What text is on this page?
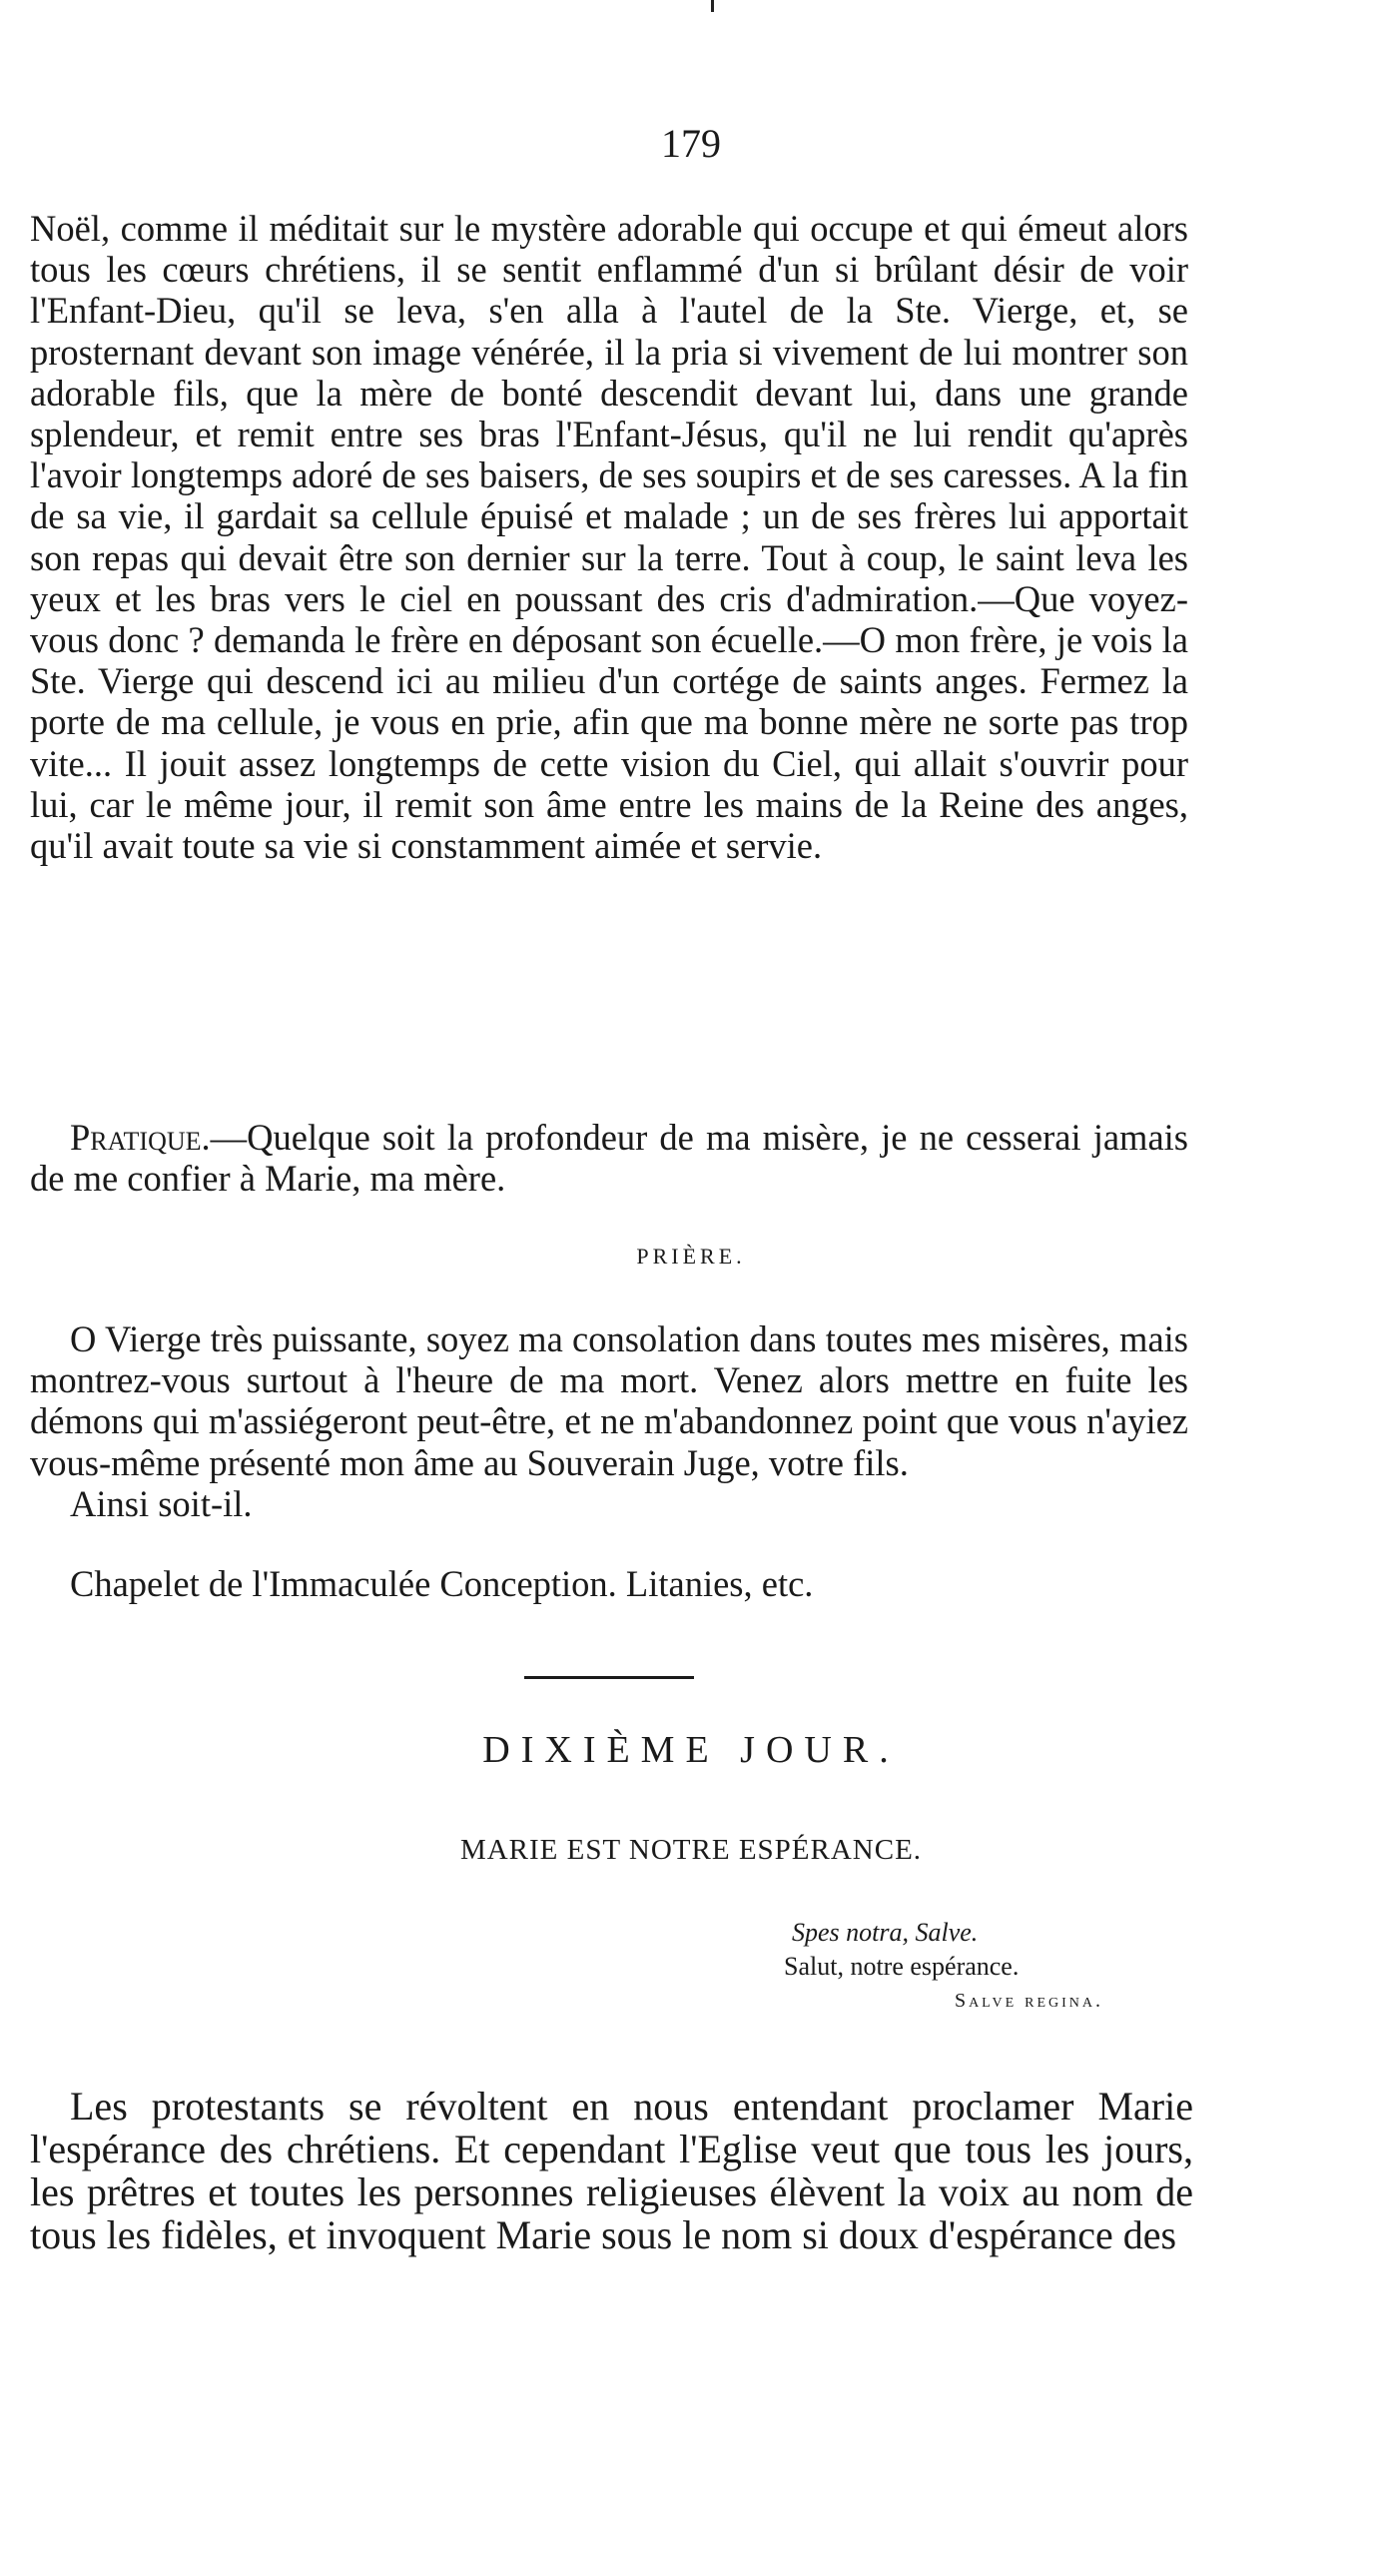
179

Noël, comme il méditait sur le mystère adorable qui occupe et qui émeut alors tous les cœurs chrétiens, il se sentit enflammé d'un si brûlant désir de voir l'Enfant-Dieu, qu'il se leva, s'en alla à l'autel de la Ste. Vierge, et, se prosternant devant son image vénérée, il la pria si vivement de lui montrer son adorable fils, que la mère de bonté descendit devant lui, dans une grande splendeur, et remit entre ses bras l'Enfant-Jésus, qu'il ne lui rendit qu'après l'avoir longtemps adoré de ses baisers, de ses soupirs et de ses caresses. A la fin de sa vie, il gardait sa cellule épuisé et malade ; un de ses frères lui apportait son repas qui devait être son dernier sur la terre. Tout à coup, le saint leva les yeux et les bras vers le ciel en poussant des cris d'admiration.—Que voyez-vous donc ? demanda le frère en déposant son écuelle.—O mon frère, je vois la Ste. Vierge qui descend ici au milieu d'un cortége de saints anges. Fermez la porte de ma cellule, je vous en prie, afin que ma bonne mère ne sorte pas trop vite... Il jouit assez longtemps de cette vision du Ciel, qui allait s'ouvrir pour lui, car le même jour, il remit son âme entre les mains de la Reine des anges, qu'il avait toute sa vie si constamment aimée et servie.

Pratique.—Quelque soit la profondeur de ma misère, je ne cesserai jamais de me confier à Marie, ma mère.

PRIÈRE.

O Vierge très puissante, soyez ma consolation dans toutes mes misères, mais montrez-vous surtout à l'heure de ma mort. Venez alors mettre en fuite les démons qui m'assiégeront peut-être, et ne m'abandonnez point que vous n'ayiez vous-même présenté mon âme au Souverain Juge, votre fils.

Ainsi soit-il.

Chapelet de l'Immaculée Conception. Litanies, etc.

DIXIÈME JOUR.
MARIE EST NOTRE ESPÉRANCE.
Spes notra, Salve.
Salut, notre espérance.
Salve regina.

Les protestants se révoltent en nous entendant proclamer Marie l'espérance des chrétiens. Et cependant l'Eglise veut que tous les jours, les prêtres et toutes les personnes religieuses élèvent la voix au nom de tous les fidèles, et invoquent Marie sous le nom si doux d'espérance des
